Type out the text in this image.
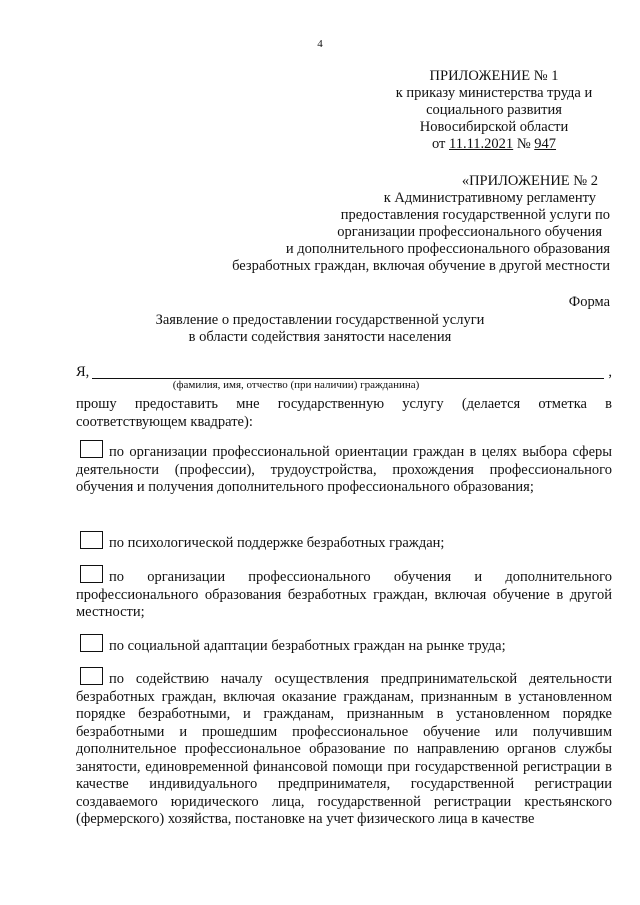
4
ПРИЛОЖЕНИЕ № 1
к приказу министерства труда и
социального развития
Новосибирской области
от 11.11.2021 № 947
«ПРИЛОЖЕНИЕ № 2
к Административному регламенту
предоставления государственной услуги по
организации профессионального обучения
и дополнительного профессионального образования
безработных граждан, включая обучение в другой местности
Форма
Заявление о предоставлении государственной услуги
в области содействия занятости населения
Я,	,
(фамилия, имя, отчество (при наличии) гражданина)
прошу предоставить мне государственную услугу (делается отметка в
соответствующем квадрате):
по организации профессиональной ориентации граждан в целях выбора сферы деятельности (профессии), трудоустройства, прохождения профессионального обучения и получения дополнительного профессионального образования;
по психологической поддержке безработных граждан;
по организации профессионального обучения и дополнительного профессионального образования безработных граждан, включая обучение в другой местности;
по социальной адаптации безработных граждан на рынке труда;
по содействию началу осуществления предпринимательской деятельности безработных граждан, включая оказание гражданам, признанным в установленном порядке безработными, и гражданам, признанным в установленном порядке безработными и прошедшим профессиональное обучение или получившим дополнительное профессиональное образование по направлению органов службы занятости, единовременной финансовой помощи при государственной регистрации в качестве индивидуального предпринимателя, государственной регистрации создаваемого юридического лица, государственной регистрации крестьянского (фермерского) хозяйства, постановке на учет физического лица в качестве
